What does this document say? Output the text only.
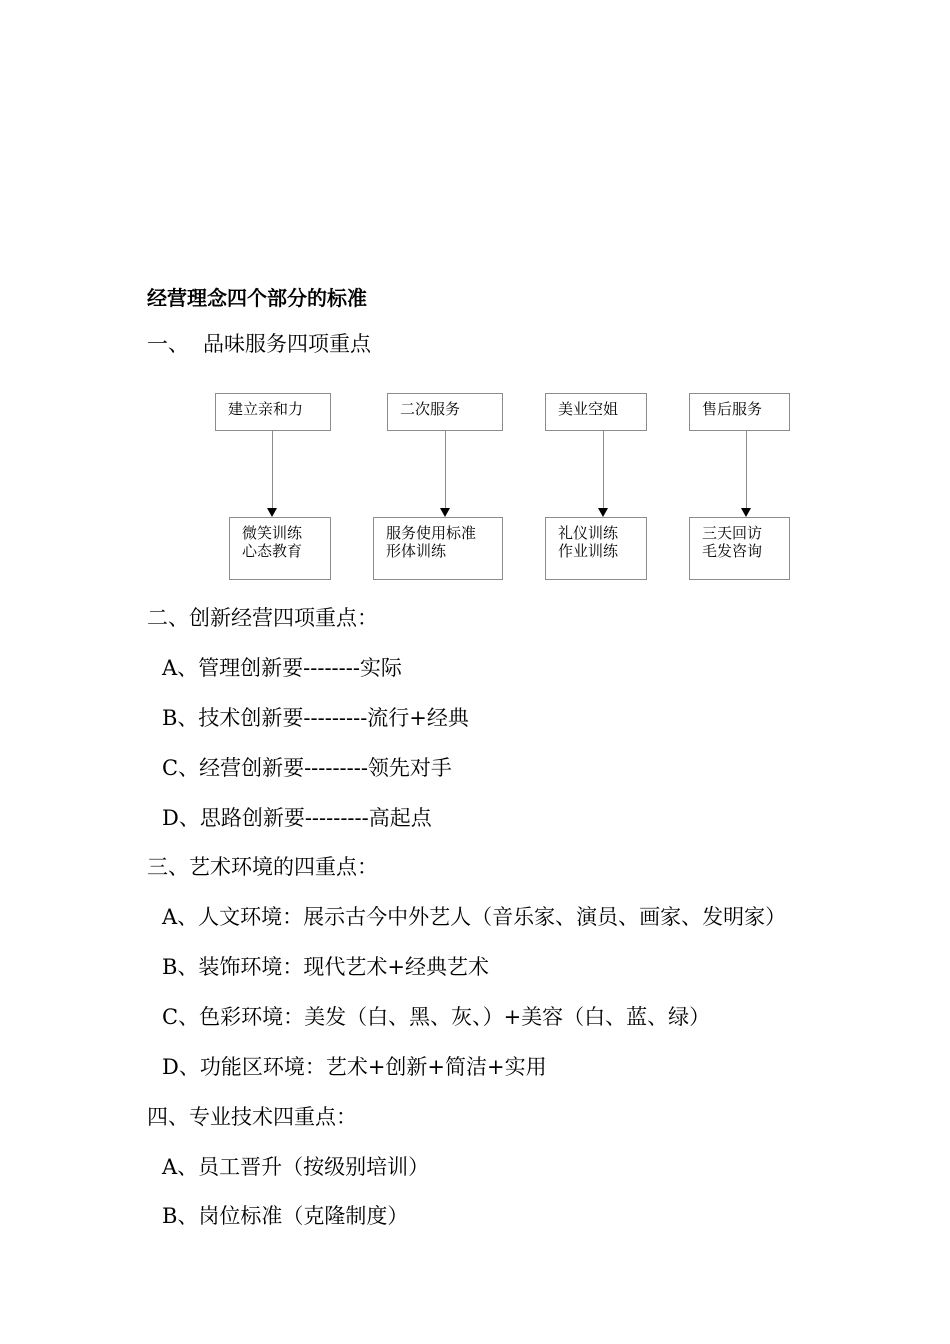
经营理念四个部分的标准
一、 品味服务四项重点
建立亲和力
微笑训练
心态教育
二次服务
服务使用标准
形体训练
美业空姐
礼仪训练
作业训练
售后服务
三天回访
毛发咨询
二、创新经营四项重点：
A、管理创新要--------实际
B、技术创新要---------流行+经典
C、经营创新要---------领先对手
D、思路创新要---------高起点
三、艺术环境的四重点：
A、人文环境：展示古今中外艺人（音乐家、演员、画家、发明家）
B、装饰环境：现代艺术+经典艺术
C、色彩环境：美发（白、黑、灰、）+美容（白、蓝、绿）
D、功能区环境：艺术+创新+简洁+实用
四、专业技术四重点：
A、员工晋升（按级别培训）
B、岗位标准（克隆制度）
